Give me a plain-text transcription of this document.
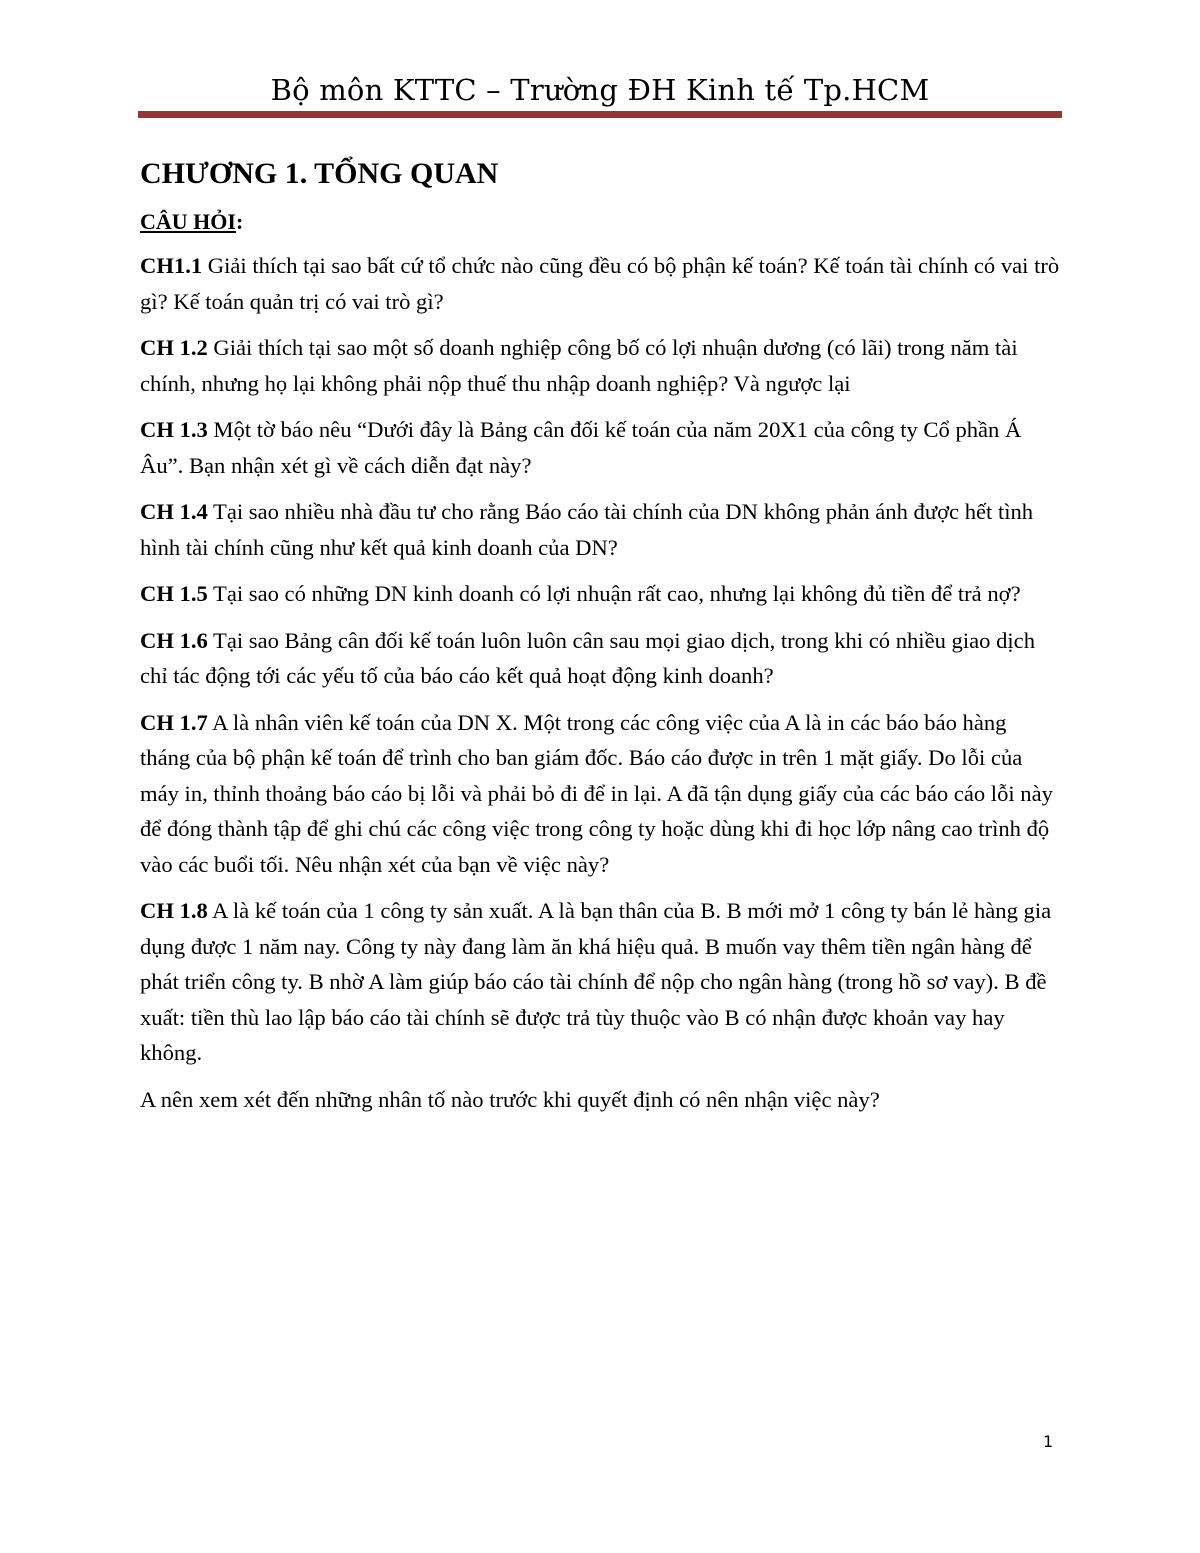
Bộ môn KTTC – Trường ĐH Kinh tế Tp.HCM
CHƯƠNG 1. TỔNG QUAN
CÂU HỎI:

CH1.1 Giải thích tại sao bất cứ tổ chức nào cũng đều có bộ phận kế toán? Kế toán tài chính có vai trò gì? Kế toán quản trị có vai trò gì?

CH 1.2 Giải thích tại sao một số doanh nghiệp công bố có lợi nhuận dương (có lãi) trong năm tài chính, nhưng họ lại không phải nộp thuế thu nhập doanh nghiệp? Và ngược lại

CH 1.3 Một tờ báo nêu “Dưới đây là Bảng cân đối kế toán của năm 20X1 của công ty Cổ phần Á Âu”. Bạn nhận xét gì về cách diễn đạt này?

CH 1.4 Tại sao nhiều nhà đầu tư cho rằng Báo cáo tài chính của DN không phản ánh được hết tình hình tài chính cũng như kết quả kinh doanh của DN?

CH 1.5 Tại sao có những DN kinh doanh có lợi nhuận rất cao, nhưng lại không đủ tiền để trả nợ?

CH 1.6 Tại sao Bảng cân đối kế toán luôn luôn cân sau mọi giao dịch, trong khi có nhiều giao dịch chỉ tác động tới các yếu tố của báo cáo kết quả hoạt động kinh doanh?

CH 1.7 A là nhân viên kế toán của DN X. Một trong các công việc của A là in các báo báo hàng tháng của bộ phận kế toán để trình cho ban giám đốc. Báo cáo được in trên 1 mặt giấy. Do lỗi của máy in, thỉnh thoảng báo cáo bị lỗi và phải bỏ đi để in lại. A đã tận dụng giấy của các báo cáo lỗi này để đóng thành tập để ghi chú các công việc trong công ty hoặc dùng khi đi học lớp nâng cao trình độ vào các buổi tối. Nêu nhận xét của bạn về việc này?

CH 1.8 A là kế toán của 1 công ty sản xuất. A là bạn thân của B. B mới mở 1 công ty bán lẻ hàng gia dụng được 1 năm nay. Công ty này đang làm ăn khá hiệu quả. B muốn vay thêm tiền ngân hàng để phát triển công ty. B nhờ A làm giúp báo cáo tài chính để nộp cho ngân hàng (trong hồ sơ vay). B đề xuất: tiền thù lao lập báo cáo tài chính sẽ được trả tùy thuộc vào B có nhận được khoản vay hay không.

A nên xem xét đến những nhân tố nào trước khi quyết định có nên nhận việc này?

1
